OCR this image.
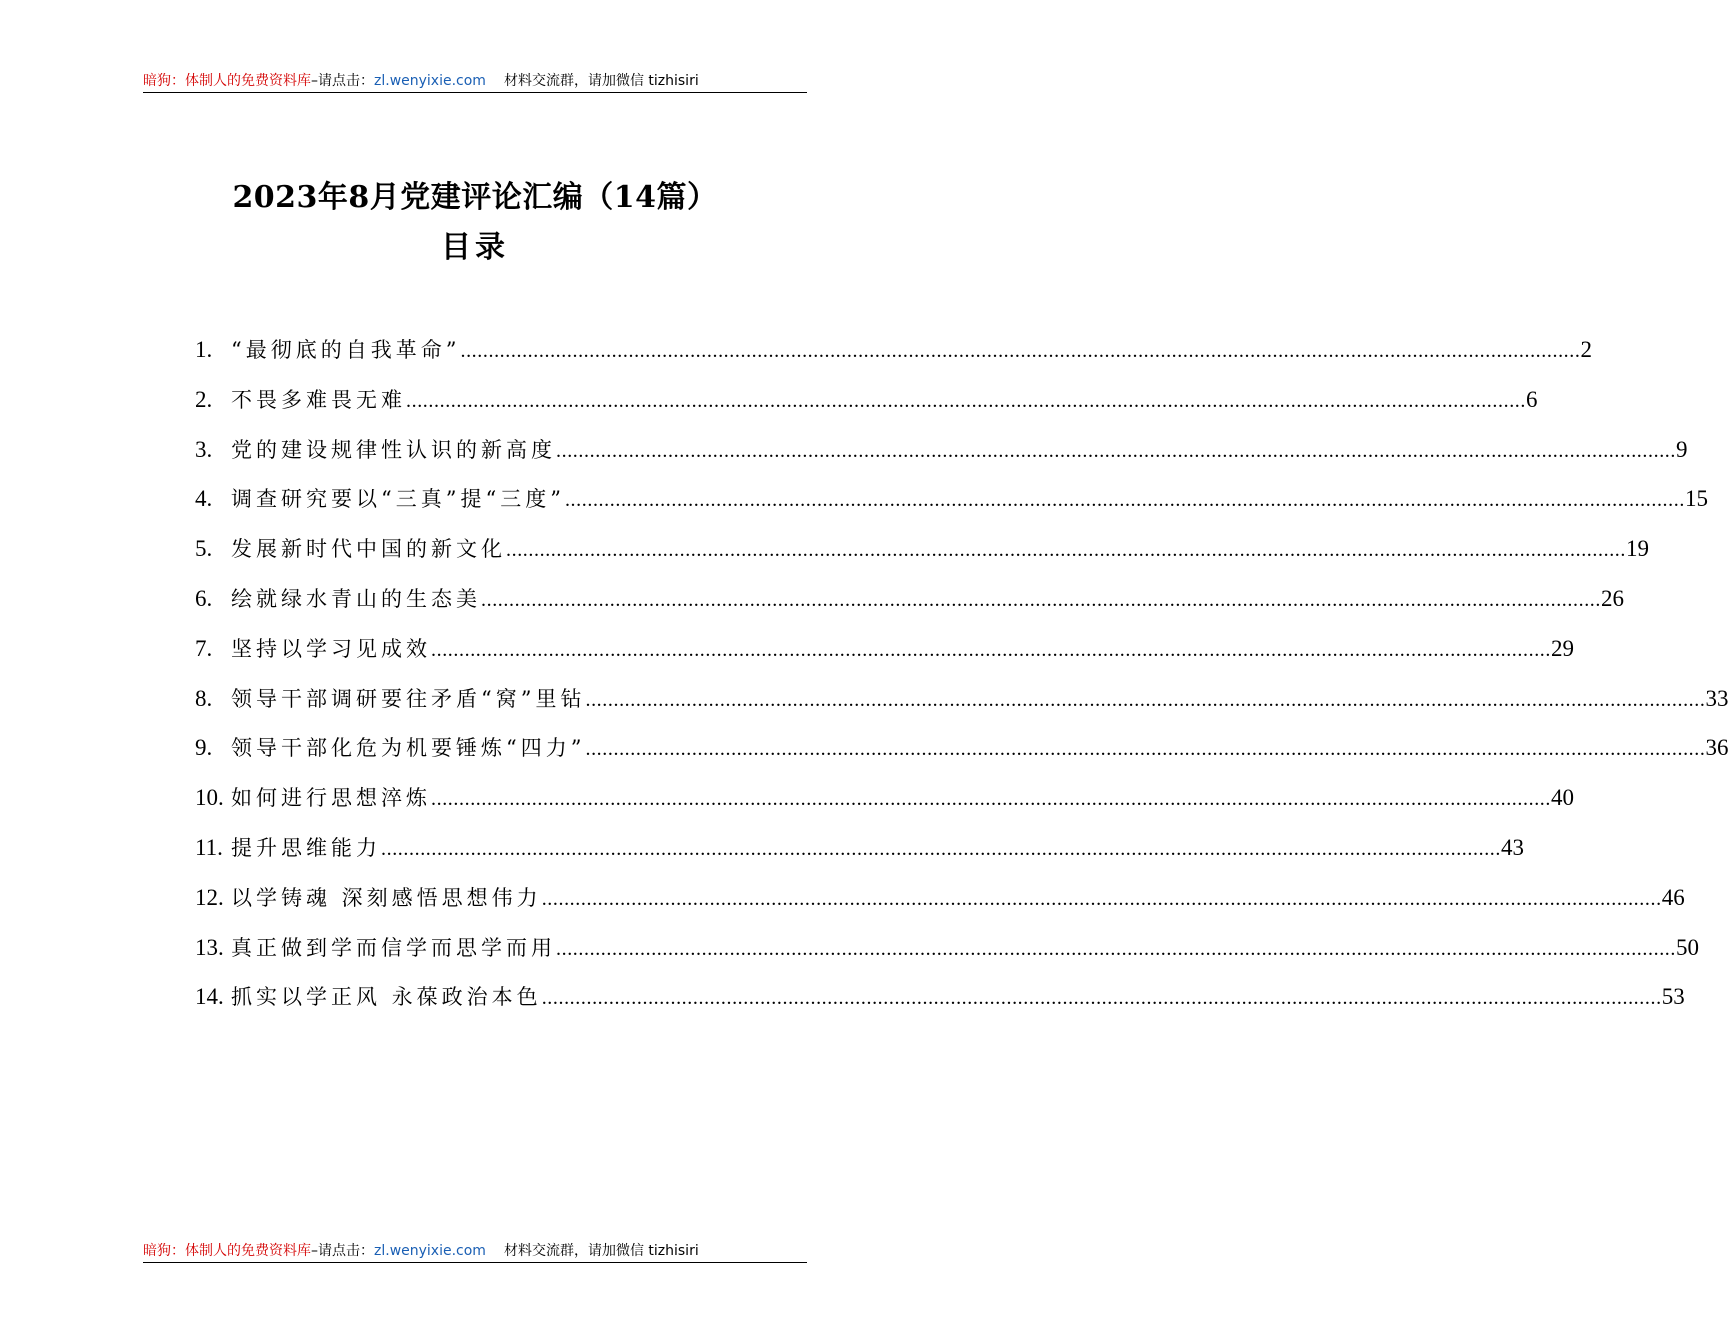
暗狗：体制人的免费资料库 –请点击： zl.wenyixie.com 材料交流群，请加微信 tizhisiri
2023年8月党建评论汇编（14篇）
目录
1. “最彻底的自我革命” ........................................................................................................................................................................................................ 2
2. 不畏多难畏无难 ........................................................................................................................................................................................................ 6
3. 党的建设规律性认识的新高度 ........................................................................................................................................................................................................ 9
4. 调查研究要以“三真”提“三度” ........................................................................................................................................................................................................ 15
5. 发展新时代中国的新文化 ........................................................................................................................................................................................................ 19
6. 绘就绿水青山的生态美 ........................................................................................................................................................................................................ 26
7. 坚持以学习见成效 ........................................................................................................................................................................................................ 29
8. 领导干部调研要往矛盾“窝”里钻 ........................................................................................................................................................................................................ 33
9. 领导干部化危为机要锤炼“四力” ........................................................................................................................................................................................................ 36
10. 如何进行思想淬炼 ........................................................................................................................................................................................................ 40
11. 提升思维能力 ........................................................................................................................................................................................................ 43
12. 以学铸魂 深刻感悟思想伟力 ........................................................................................................................................................................................................ 46
13. 真正做到学而信学而思学而用 ........................................................................................................................................................................................................ 50
14. 抓实以学正风 永葆政治本色 ........................................................................................................................................................................................................ 53
暗狗：体制人的免费资料库 –请点击： zl.wenyixie.com 材料交流群，请加微信 tizhisiri
